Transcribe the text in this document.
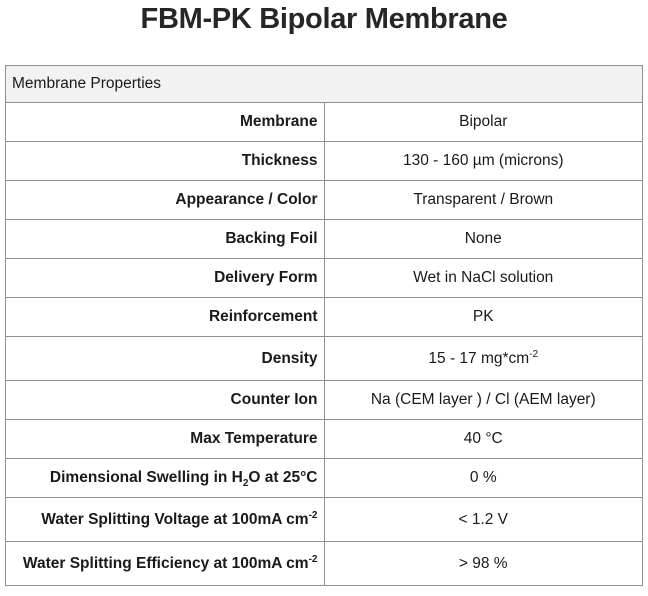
FBM-PK Bipolar Membrane
Membrane Properties	
Membrane	Bipolar
Thickness	130 - 160 µm (microns)
Appearance / Color	Transparent / Brown
Backing Foil	None
Delivery Form	Wet in NaCl solution
Reinforcement	PK
Density	15 - 17 $mg*cm^{-2}$
Counter Ion	Na (CEM layer ) / Cl (AEM layer)
Max Temperature	40 °C
Dimensional Swelling in $H_2O$ at 25°C	0 %
Water Splitting Voltage at 100mA $cm^{-2}$	< 1.2 V
Water Splitting Efficiency at 100mA $cm^{-2}$	> 98 %
